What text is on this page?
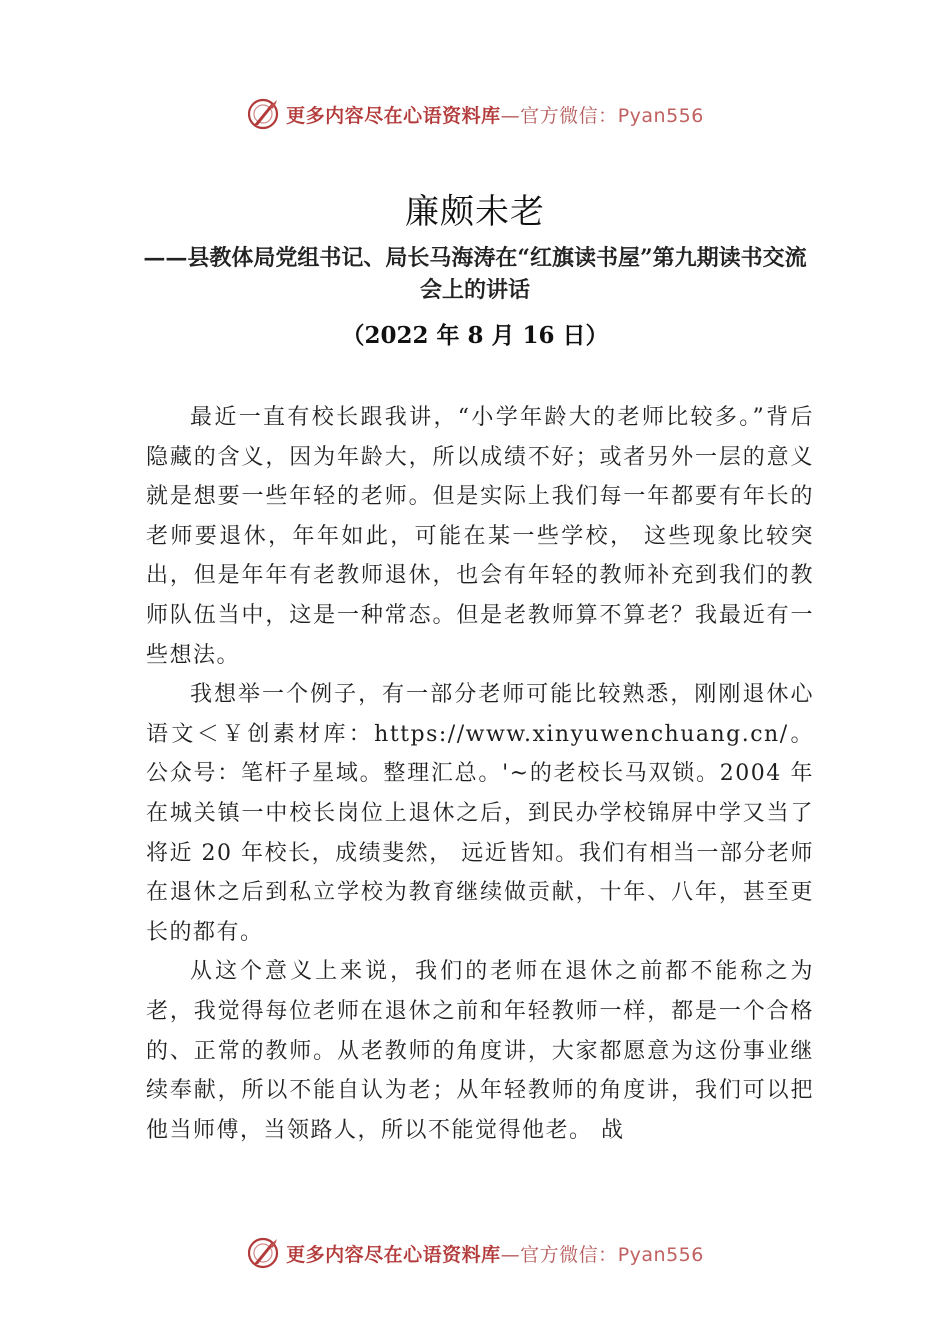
更多内容尽在心语资料库—官方微信：Pyan556
廉颇未老
——县教体局党组书记、局长马海涛在“红旗读书屋”第九期读书交流会上的讲话
（2022 年 8 月 16 日）

最近一直有校长跟我讲，“小学年龄大的老师比较多。”背后隐藏的含义，因为年龄大，所以成绩不好；或者另外一层的意义就是想要一些年轻的老师。但是实际上我们每一年都要有年长的老师要退休，年年如此，可能在某一些学校， 这些现象比较突出，但是年年有老教师退休，也会有年轻的教师补充到我们的教师队伍当中，这是一种常态。但是老教师算不算老？我最近有一些想法。

我想举一个例子，有一部分老师可能比较熟悉，刚刚退休心语文＜￥创素材库：https://www.xinyuwenchuang.cn/。公众号：笔杆子星域。整理汇总。'~的老校长马双锁。2004 年在城关镇一中校长岗位上退休之后，到民办学校锦屏中学又当了将近 20 年校长，成绩斐然， 远近皆知。我们有相当一部分老师在退休之后到私立学校为教育继续做贡献，十年、八年，甚至更长的都有。

从这个意义上来说，我们的老师在退休之前都不能称之为老，我觉得每位老师在退休之前和年轻教师一样，都是一个合格的、正常的教师。从老教师的角度讲，大家都愿意为这份事业继续奉献，所以不能自认为老；从年轻教师的角度讲，我们可以把他当师傅，当领路人，所以不能觉得他老。 战

更多内容尽在心语资料库—官方微信：Pyan556
